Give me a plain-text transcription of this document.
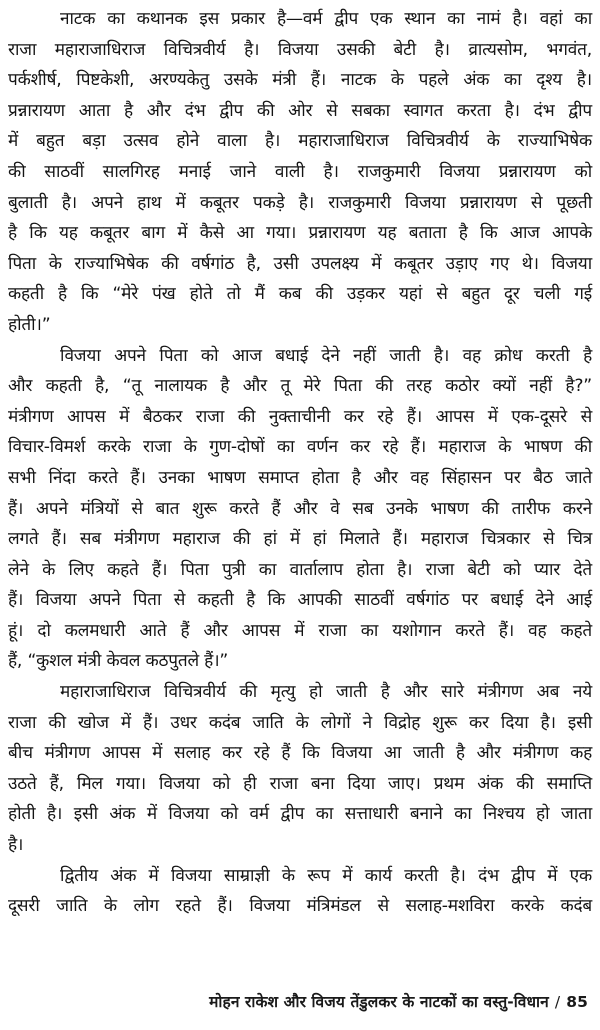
नाटक का कथानक इस प्रकार है—वर्म द्वीप एक स्थान का नामं है। वहां का
राजा महाराजाधिराज विचित्रवीर्य है। विजया उसकी बेटी है। व्रात्यसोम, भगवंत,
पर्कशीर्ष, पिष्टकेशी, अरण्यकेतु उसके मंत्री हैं। नाटक के पहले अंक का दृश्य है।
प्रन्नारायण आता है और दंभ द्वीप की ओर से सबका स्वागत करता है। दंभ द्वीप
में बहुत बड़ा उत्सव होने वाला है। महाराजाधिराज विचित्रवीर्य के राज्याभिषेक
की साठवीं सालगिरह मनाई जाने वाली है। राजकुमारी विजया प्रन्नारायण को
बुलाती है। अपने हाथ में कबूतर पकड़े है। राजकुमारी विजया प्रन्नारायण से पूछती
है कि यह कबूतर बाग में कैसे आ गया। प्रन्नारायण यह बताता है कि आज आपके
पिता के राज्याभिषेक की वर्षगांठ है, उसी उपलक्ष्य में कबूतर उड़ाए गए थे। विजया
कहती है कि “मेरे पंख होते तो मैं कब की उड़कर यहां से बहुत दूर चली गई
होती।”
विजया अपने पिता को आज बधाई देने नहीं जाती है। वह क्रोध करती है
और कहती है, “तू नालायक है और तू मेरे पिता की तरह कठोर क्यों नहीं है?”
मंत्रीगण आपस में बैठकर राजा की नुक्ताचीनी कर रहे हैं। आपस में एक-दूसरे से
विचार-विमर्श करके राजा के गुण-दोषों का वर्णन कर रहे हैं। महाराज के भाषण की
सभी निंदा करते हैं। उनका भाषण समाप्त होता है और वह सिंहासन पर बैठ जाते
हैं। अपने मंत्रियों से बात शुरू करते हैं और वे सब उनके भाषण की तारीफ करने
लगते हैं। सब मंत्रीगण महाराज की हां में हां मिलाते हैं। महाराज चित्रकार से चित्र
लेने के लिए कहते हैं। पिता पुत्री का वार्तालाप होता है। राजा बेटी को प्यार देते
हैं। विजया अपने पिता से कहती है कि आपकी साठवीं वर्षगांठ पर बधाई देने आई
हूं। दो कलमधारी आते हैं और आपस में राजा का यशोगान करते हैं। वह कहते
हैं, “कुशल मंत्री केवल कठपुतले हैं।”
महाराजाधिराज विचित्रवीर्य की मृत्यु हो जाती है और सारे मंत्रीगण अब नये
राजा की खोज में हैं। उधर कदंब जाति के लोगों ने विद्रोह शुरू कर दिया है। इसी
बीच मंत्रीगण आपस में सलाह कर रहे हैं कि विजया आ जाती है और मंत्रीगण कह
उठते हैं, मिल गया। विजया को ही राजा बना दिया जाए। प्रथम अंक की समाप्ति
होती है। इसी अंक में विजया को वर्म द्वीप का सत्ताधारी बनाने का निश्चय हो जाता
है।
द्वितीय अंक में विजया साम्राज्ञी के रूप में कार्य करती है। दंभ द्वीप में एक
दूसरी जाति के लोग रहते हैं। विजया मंत्रिमंडल से सलाह-मशविरा करके कदंब
मोहन राकेश और विजय तेंडुलकर के नाटकों का वस्तु-विधान / 85
